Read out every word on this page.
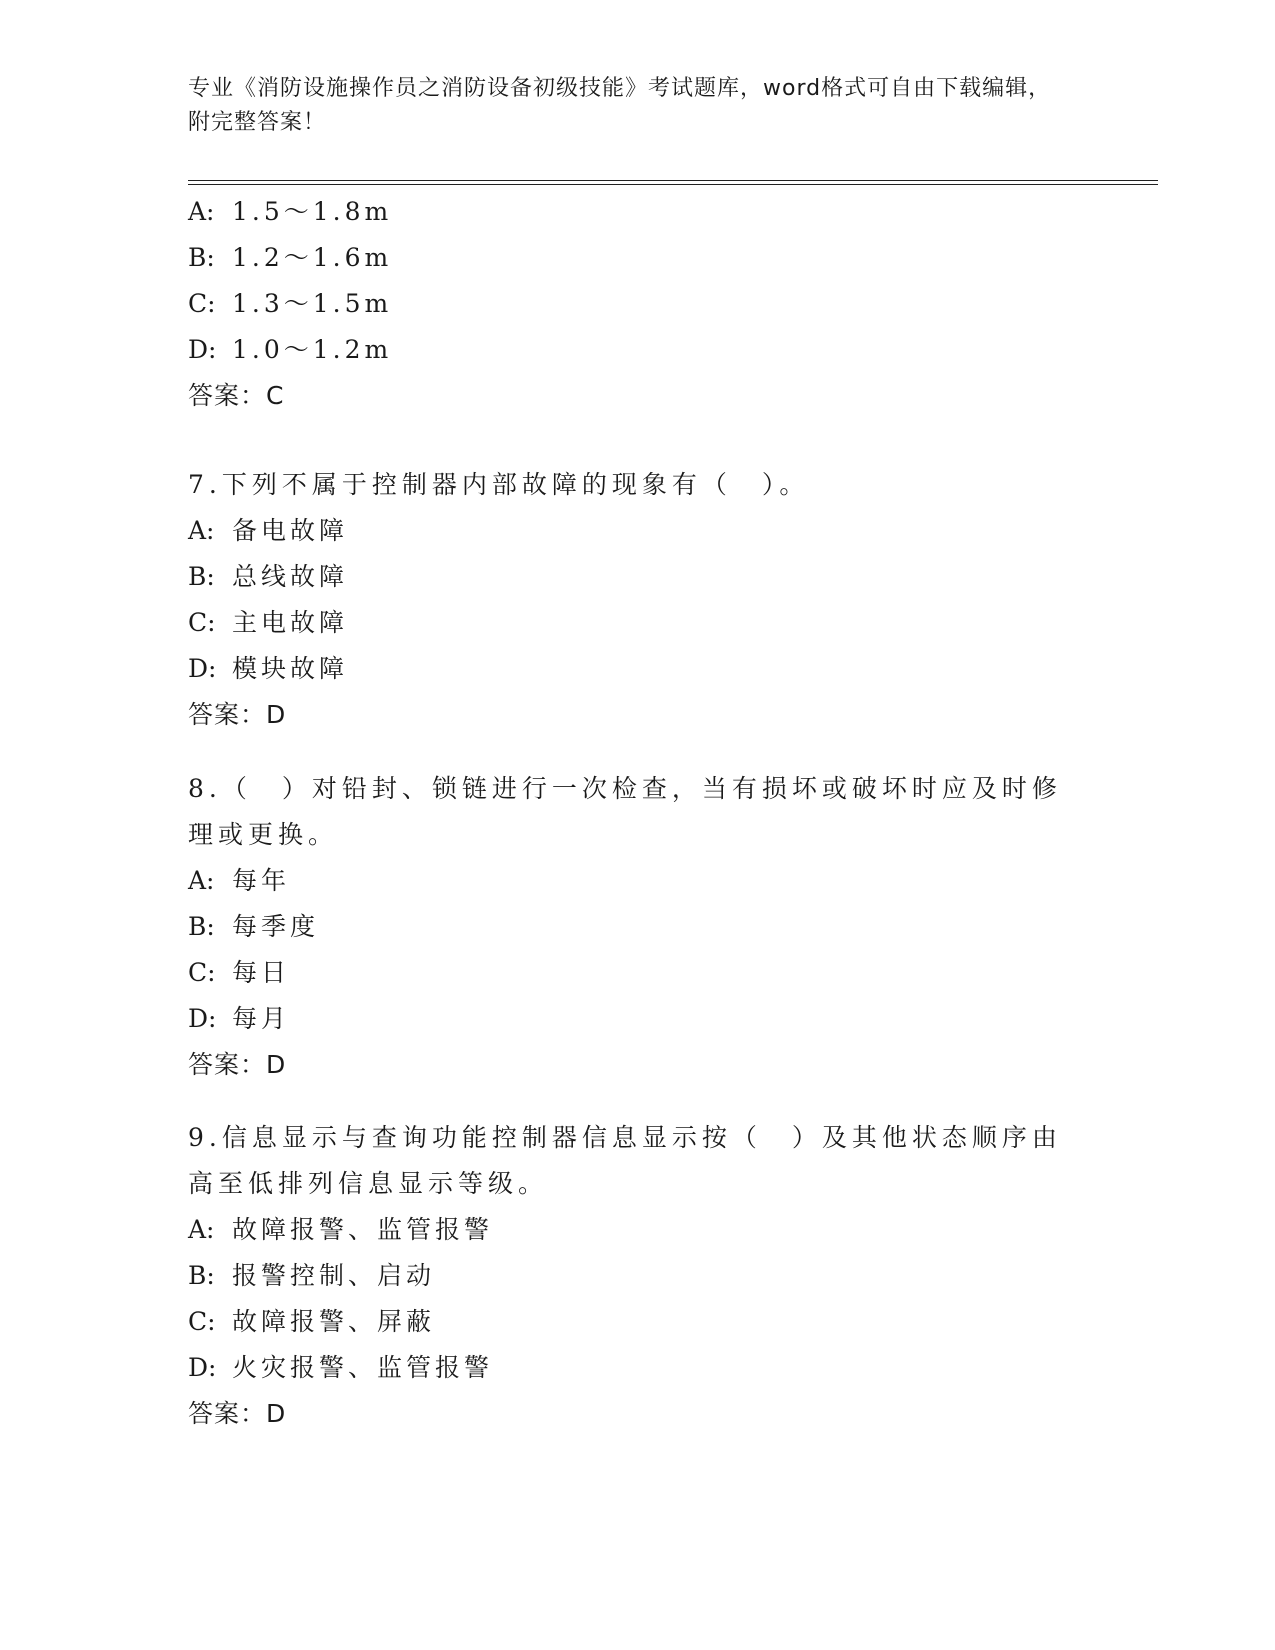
专业《消防设施操作员之消防设备初级技能》考试题库，word格式可自由下载编辑，附完整答案！
A: 1.5～1.8m
B: 1.2～1.6m
C: 1.3～1.5m
D: 1.0～1.2m
答案：C
7.下列不属于控制器内部故障的现象有（　）。
A: 备电故障
B: 总线故障
C: 主电故障
D: 模块故障
答案：D
8.（　）对铅封、锁链进行一次检查，当有损坏或破坏时应及时修理或更换。
A: 每年
B: 每季度
C: 每日
D: 每月
答案：D
9.信息显示与查询功能控制器信息显示按（　）及其他状态顺序由高至低排列信息显示等级。
A: 故障报警、监管报警
B: 报警控制、启动
C: 故障报警、屏蔽
D: 火灾报警、监管报警
答案：D
